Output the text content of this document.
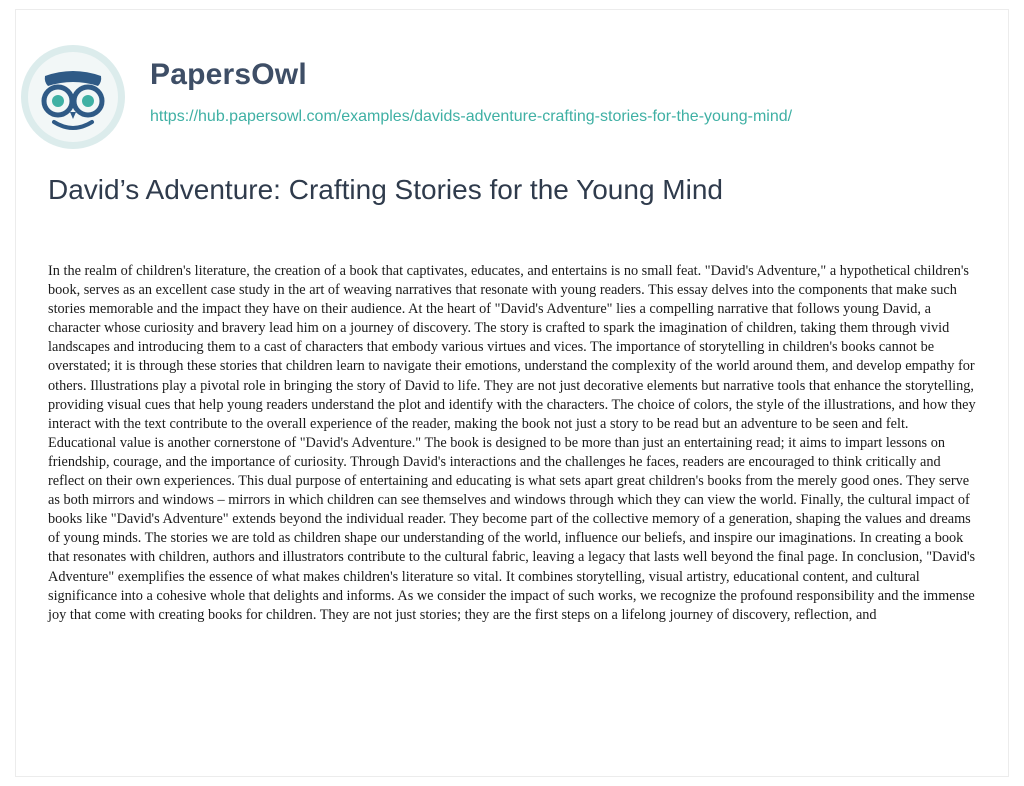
PapersOwl
https://hub.papersowl.com/examples/davids-adventure-crafting-stories-for-the-young-mind/
David’s Adventure: Crafting Stories for the Young Mind

In the realm of children's literature, the creation of a book that captivates, educates, and entertains is no small feat. "David's Adventure," a hypothetical children's book, serves as an excellent case study in the art of weaving narratives that resonate with young readers. This essay delves into the components that make such stories memorable and the impact they have on their audience. At the heart of "David's Adventure" lies a compelling narrative that follows young David, a character whose curiosity and bravery lead him on a journey of discovery. The story is crafted to spark the imagination of children, taking them through vivid landscapes and introducing them to a cast of characters that embody various virtues and vices. The importance of storytelling in children's books cannot be overstated; it is through these stories that children learn to navigate their emotions, understand the complexity of the world around them, and develop empathy for others. Illustrations play a pivotal role in bringing the story of David to life. They are not just decorative elements but narrative tools that enhance the storytelling, providing visual cues that help young readers understand the plot and identify with the characters. The choice of colors, the style of the illustrations, and how they interact with the text contribute to the overall experience of the reader, making the book not just a story to be read but an adventure to be seen and felt. Educational value is another cornerstone of "David's Adventure." The book is designed to be more than just an entertaining read; it aims to impart lessons on friendship, courage, and the importance of curiosity. Through David's interactions and the challenges he faces, readers are encouraged to think critically and reflect on their own experiences. This dual purpose of entertaining and educating is what sets apart great children's books from the merely good ones. They serve as both mirrors and windows – mirrors in which children can see themselves and windows through which they can view the world. Finally, the cultural impact of books like "David's Adventure" extends beyond the individual reader. They become part of the collective memory of a generation, shaping the values and dreams of young minds. The stories we are told as children shape our understanding of the world, influence our beliefs, and inspire our imaginations. In creating a book that resonates with children, authors and illustrators contribute to the cultural fabric, leaving a legacy that lasts well beyond the final page. In conclusion, "David's Adventure" exemplifies the essence of what makes children's literature so vital. It combines storytelling, visual artistry, educational content, and cultural significance into a cohesive whole that delights and informs. As we consider the impact of such works, we recognize the profound responsibility and the immense joy that come with creating books for children. They are not just stories; they are the first steps on a lifelong journey of discovery, reflection, and
